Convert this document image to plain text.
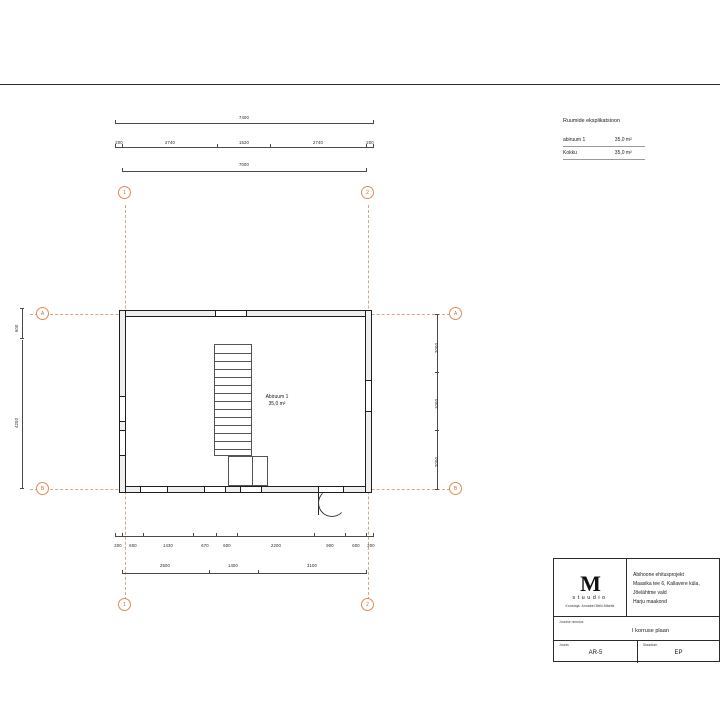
Ruumide eksplikatsioon
abiruum 1	35,0 m²
Kokku	35,0 m²
7400
200	2740	1520	2740	200
7000
1	2
1	2
A	A
B	B
600
4200
2000
1000
2000
Abiruum 1
35,0 m²
200 600	1430	670	600	2200	900	600 200
2500	1400	3100
M
stuudio
Koostaja: Annabel Mett-Mäelts
Abihoone ehitusprojekt
Maasika tee 6, Kallavere küla, Jõelähtme vald
Harju maakond
Joonise nimetus
I korruse plaan
Joonis
AR-5
Staadium
EP
